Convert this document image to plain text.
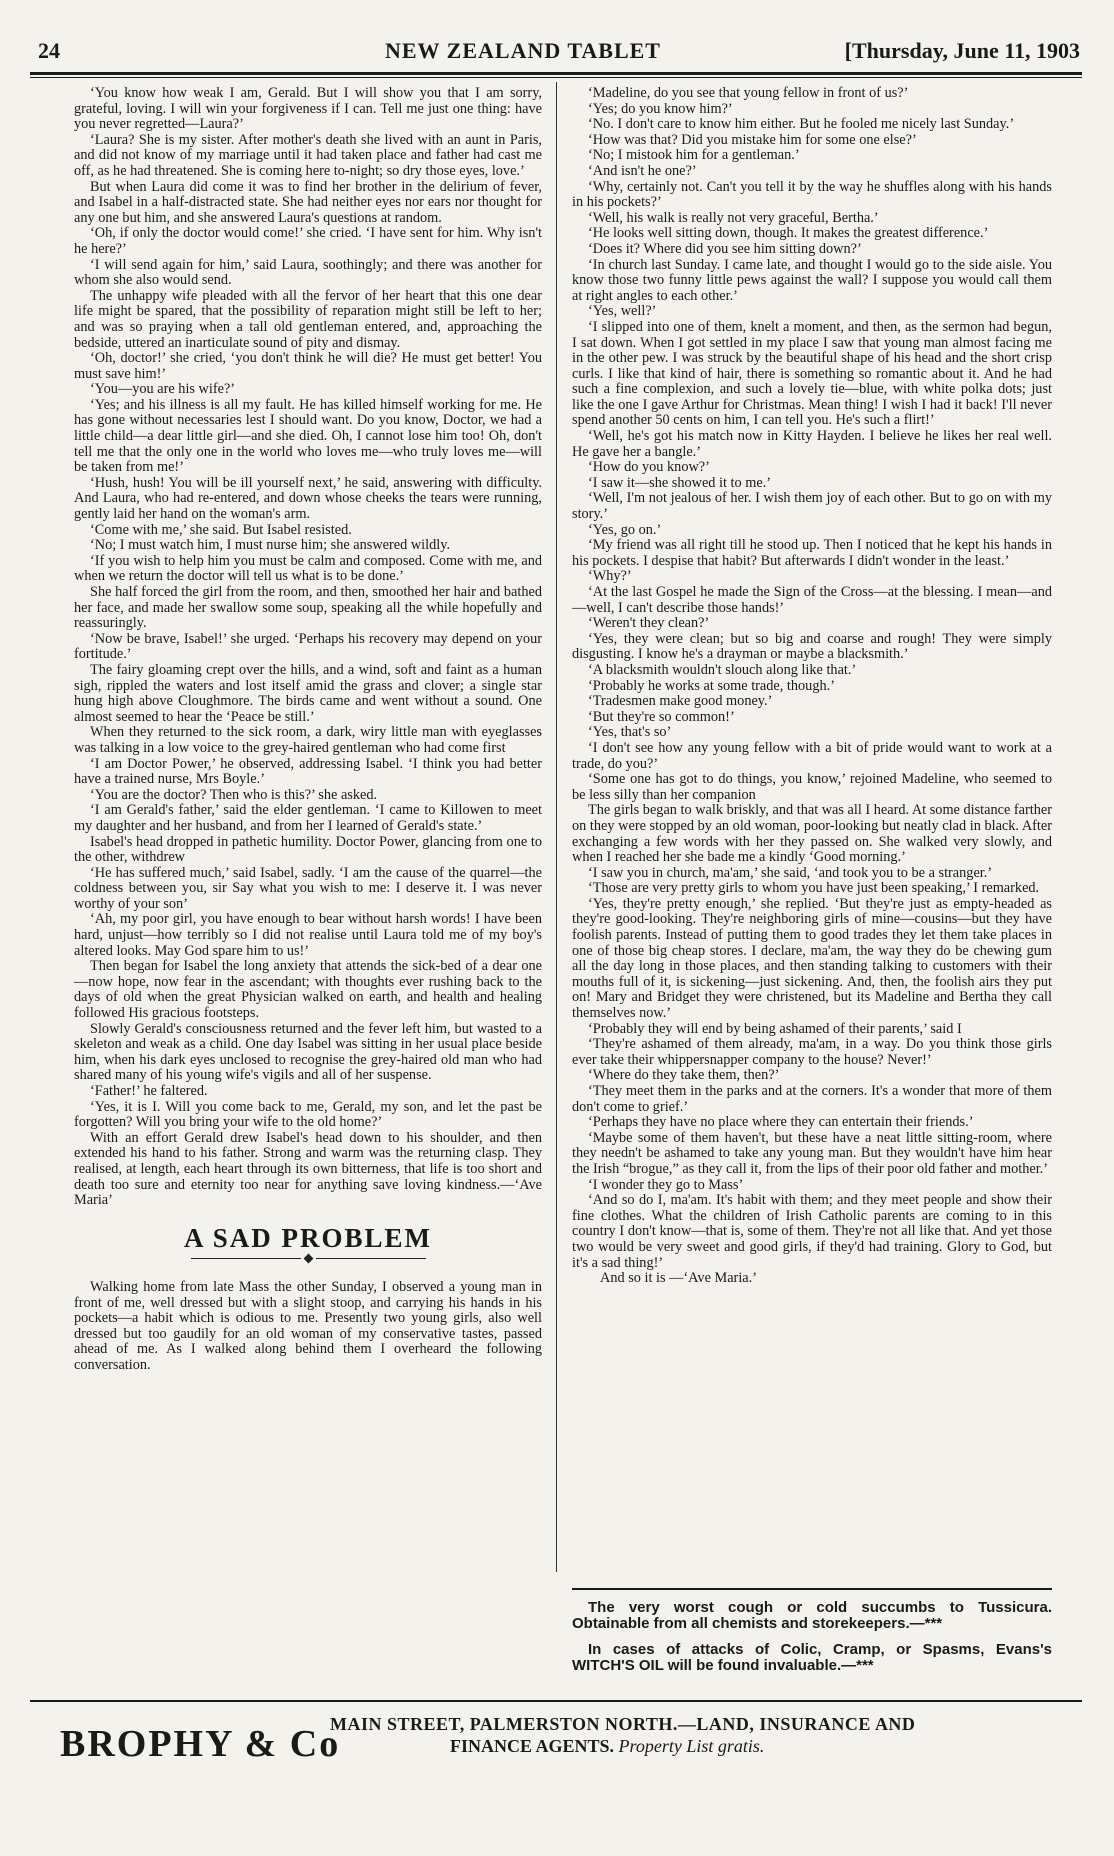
24	NEW ZEALAND TABLET	[Thursday, June 11, 1903

‘You know how weak I am, Gerald. But I will show you that I am sorry, grateful, loving. I will win your forgiveness if I can. Tell me just one thing: have you never regretted—Laura?’

‘Laura? She is my sister. After mother's death she lived with an aunt in Paris, and did not know of my marriage until it had taken place and father had cast me off, as he had threatened. She is coming here to-night; so dry those eyes, love.’

But when Laura did come it was to find her brother in the delirium of fever, and Isabel in a half-distracted state. She had neither eyes nor ears nor thought for any one but him, and she answered Laura's questions at random.

‘Oh, if only the doctor would come!’ she cried. ‘I have sent for him. Why isn't he here?’

‘I will send again for him,’ said Laura, soothingly; and there was another for whom she also would send.

The unhappy wife pleaded with all the fervor of her heart that this one dear life might be spared, that the possibility of reparation might still be left to her; and was so praying when a tall old gentleman entered, and, approaching the bedside, uttered an inarticulate sound of pity and dismay.

‘Oh, doctor!’ she cried, ‘you don't think he will die? He must get better! You must save him!’

‘You—you are his wife?’

‘Yes; and his illness is all my fault. He has killed himself working for me. He has gone without necessaries lest I should want. Do you know, Doctor, we had a little child—a dear little girl—and she died. Oh, I cannot lose him too! Oh, don't tell me that the only one in the world who loves me—who truly loves me—will be taken from me!’

‘Hush, hush! You will be ill yourself next,’ he said, answering with difficulty. And Laura, who had re-entered, and down whose cheeks the tears were running, gently laid her hand on the woman's arm.

‘Come with me,’ she said. But Isabel resisted.

‘No; I must watch him, I must nurse him; she answered wildly.

‘If you wish to help him you must be calm and composed. Come with me, and when we return the doctor will tell us what is to be done.’

She half forced the girl from the room, and then, smoothed her hair and bathed her face, and made her swallow some soup, speaking all the while hopefully and reassuringly.

‘Now be brave, Isabel!’ she urged. ‘Perhaps his recovery may depend on your fortitude.’

The fairy gloaming crept over the hills, and a wind, soft and faint as a human sigh, rippled the waters and lost itself amid the grass and clover; a single star hung high above Cloughmore. The birds came and went without a sound. One almost seemed to hear the ‘Peace be still.’

When they returned to the sick room, a dark, wiry little man with eyeglasses was talking in a low voice to the grey-haired gentleman who had come first

‘I am Doctor Power,’ he observed, addressing Isabel. ‘I think you had better have a trained nurse, Mrs Boyle.’

‘You are the doctor? Then who is this?’ she asked.

‘I am Gerald's father,’ said the elder gentleman. ‘I came to Killowen to meet my daughter and her husband, and from her I learned of Gerald's state.’

Isabel's head dropped in pathetic humility. Doctor Power, glancing from one to the other, withdrew

‘He has suffered much,’ said Isabel, sadly. ‘I am the cause of the quarrel—the coldness between you, sir Say what you wish to me: I deserve it. I was never worthy of your son’

‘Ah, my poor girl, you have enough to bear without harsh words! I have been hard, unjust—how terribly so I did not realise until Laura told me of my boy's altered looks. May God spare him to us!’

Then began for Isabel the long anxiety that attends the sick-bed of a dear one—now hope, now fear in the ascendant; with thoughts ever rushing back to the days of old when the great Physician walked on earth, and health and healing followed His gracious footsteps.

Slowly Gerald's consciousness returned and the fever left him, but wasted to a skeleton and weak as a child. One day Isabel was sitting in her usual place beside him, when his dark eyes unclosed to recognise the grey-haired old man who had shared many of his young wife's vigils and all of her suspense.

‘Father!’ he faltered.

‘Yes, it is I. Will you come back to me, Gerald, my son, and let the past be forgotten? Will you bring your wife to the old home?’

With an effort Gerald drew Isabel's head down to his shoulder, and then extended his hand to his father. Strong and warm was the returning clasp. They realised, at length, each heart through its own bitterness, that life is too short and death too sure and eternity too near for anything save loving kindness.—‘Ave Maria’

A SAD PROBLEM

Walking home from late Mass the other Sunday, I observed a young man in front of me, well dressed but with a slight stoop, and carrying his hands in his pockets—a habit which is odious to me. Presently two young girls, also well dressed but too gaudily for an old woman of my conservative tastes, passed ahead of me. As I walked along behind them I overheard the following conversation.

‘Madeline, do you see that young fellow in front of us?’

‘Yes; do you know him?’

‘No. I don't care to know him either. But he fooled me nicely last Sunday.’

‘How was that? Did you mistake him for some one else?’

‘No; I mistook him for a gentleman.’

‘And isn't he one?’

‘Why, certainly not. Can't you tell it by the way he shuffles along with his hands in his pockets?’

‘Well, his walk is really not very graceful, Bertha.’

‘He looks well sitting down, though. It makes the greatest difference.’

‘Does it? Where did you see him sitting down?’

‘In church last Sunday. I came late, and thought I would go to the side aisle. You know those two funny little pews against the wall? I suppose you would call them at right angles to each other.’

‘Yes, well?’

‘I slipped into one of them, knelt a moment, and then, as the sermon had begun, I sat down. When I got settled in my place I saw that young man almost facing me in the other pew. I was struck by the beautiful shape of his head and the short crisp curls. I like that kind of hair, there is something so romantic about it. And he had such a fine complexion, and such a lovely tie—blue, with white polka dots; just like the one I gave Arthur for Christmas. Mean thing! I wish I had it back! I'll never spend another 50 cents on him, I can tell you. He's such a flirt!’

‘Well, he's got his match now in Kitty Hayden. I believe he likes her real well. He gave her a bangle.’

‘How do you know?’

‘I saw it—she showed it to me.’

‘Well, I'm not jealous of her. I wish them joy of each other. But to go on with my story.’

‘Yes, go on.’

‘My friend was all right till he stood up. Then I noticed that he kept his hands in his pockets. I despise that habit? But afterwards I didn't wonder in the least.’

‘Why?’

‘At the last Gospel he made the Sign of the Cross—at the blessing. I mean—and—well, I can't describe those hands!’

‘Weren't they clean?’

‘Yes, they were clean; but so big and coarse and rough! They were simply disgusting. I know he's a drayman or maybe a blacksmith.’

‘A blacksmith wouldn't slouch along like that.’

‘Probably he works at some trade, though.’

‘Tradesmen make good money.’

‘But they're so common!’

‘Yes, that's so’

‘I don't see how any young fellow with a bit of pride would want to work at a trade, do you?’

‘Some one has got to do things, you know,’ rejoined Madeline, who seemed to be less silly than her companion

The girls began to walk briskly, and that was all I heard. At some distance farther on they were stopped by an old woman, poor-looking but neatly clad in black. After exchanging a few words with her they passed on. She walked very slowly, and when I reached her she bade me a kindly ‘Good morning.’

‘I saw you in church, ma'am,’ she said, ‘and took you to be a stranger.’

‘Those are very pretty girls to whom you have just been speaking,’ I remarked.

‘Yes, they're pretty enough,’ she replied. ‘But they're just as empty-headed as they're good-looking. They're neighboring girls of mine—cousins—but they have foolish parents. Instead of putting them to good trades they let them take places in one of those big cheap stores. I declare, ma'am, the way they do be chewing gum all the day long in those places, and then standing talking to customers with their mouths full of it, is sickening—just sickening. And, then, the foolish airs they put on! Mary and Bridget they were christened, but its Madeline and Bertha they call themselves now.’

‘Probably they will end by being ashamed of their parents,’ said I

‘They're ashamed of them already, ma'am, in a way. Do you think those girls ever take their whippersnapper company to the house? Never!’

‘Where do they take them, then?’

‘They meet them in the parks and at the corners. It's a wonder that more of them don't come to grief.’

‘Perhaps they have no place where they can entertain their friends.’

‘Maybe some of them haven't, but these have a neat little sitting-room, where they needn't be ashamed to take any young man. But they wouldn't have him hear the Irish “brogue,” as they call it, from the lips of their poor old father and mother.’

‘I wonder they go to Mass’

‘And so do I, ma'am. It's habit with them; and they meet people and show their fine clothes. What the children of Irish Catholic parents are coming to in this country I don't know—that is, some of them. They're not all like that. And yet those two would be very sweet and good girls, if they'd had training. Glory to God, but it's a sad thing!’

And so it is —‘Ave Maria.’

The very worst cough or cold succumbs to Tussicura. Obtainable from all chemists and storekeepers.—***
In cases of attacks of Colic, Cramp, or Spasms, Evans's WITCH'S OIL will be found invaluable.—***
BROPHY & Co
MAIN STREET, PALMERSTON NORTH.—LAND, INSURANCE AND
FINANCE AGENTS. Property List gratis.
